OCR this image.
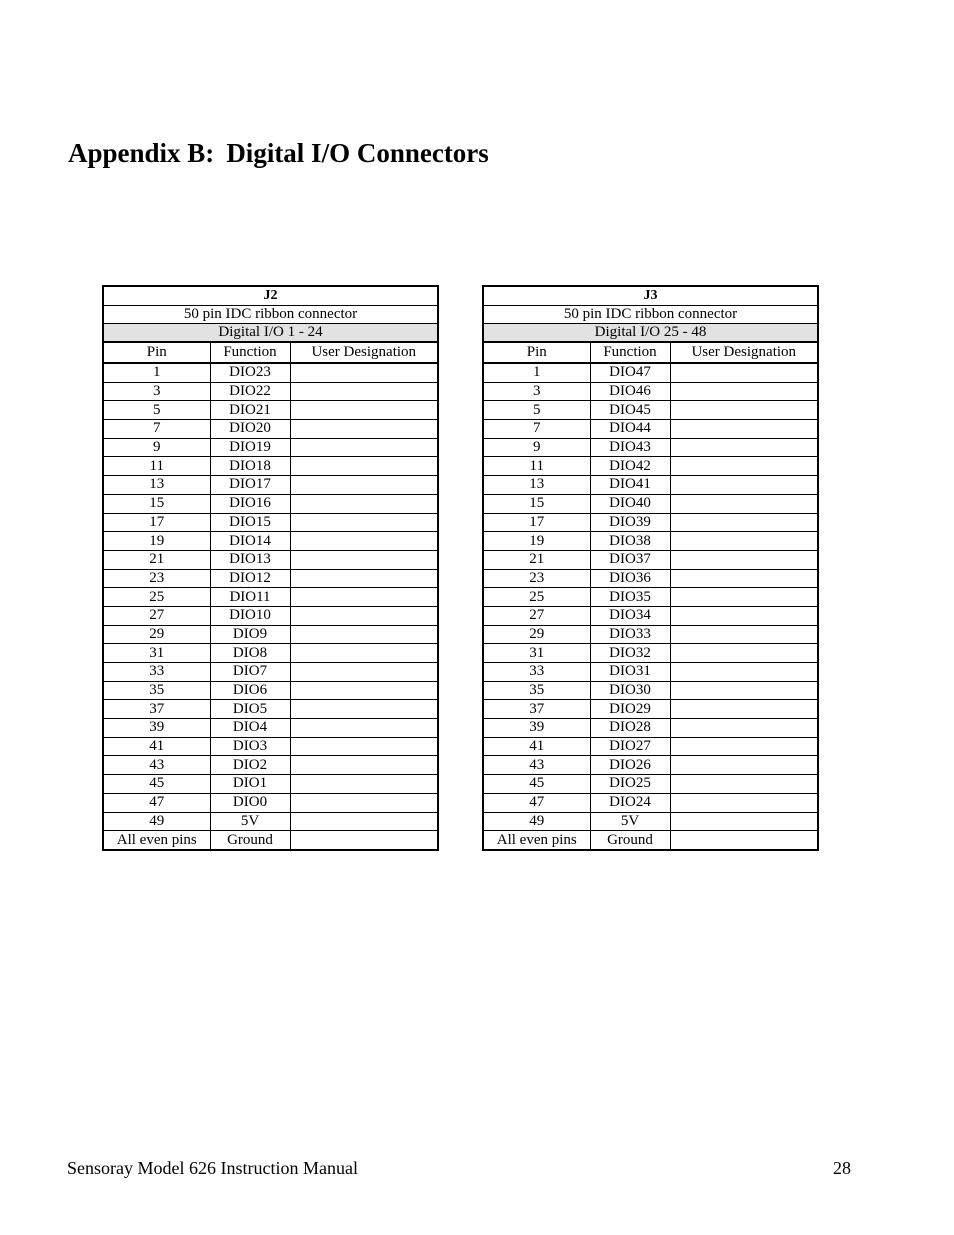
Appendix B: Digital I/O Connectors
J2		
50 pin IDC ribbon connector		
Digital I/O 1 - 24		
Pin	Function	User Designation
1	DIO23	
3	DIO22	
5	DIO21	
7	DIO20	
9	DIO19	
11	DIO18	
13	DIO17	
15	DIO16	
17	DIO15	
19	DIO14	
21	DIO13	
23	DIO12	
25	DIO11	
27	DIO10	
29	DIO9	
31	DIO8	
33	DIO7	
35	DIO6	
37	DIO5	
39	DIO4	
41	DIO3	
43	DIO2	
45	DIO1	
47	DIO0	
49	5V	
All even pins	Ground	
J3		
50 pin IDC ribbon connector		
Digital I/O 25 - 48		
Pin	Function	User Designation
1	DIO47	
3	DIO46	
5	DIO45	
7	DIO44	
9	DIO43	
11	DIO42	
13	DIO41	
15	DIO40	
17	DIO39	
19	DIO38	
21	DIO37	
23	DIO36	
25	DIO35	
27	DIO34	
29	DIO33	
31	DIO32	
33	DIO31	
35	DIO30	
37	DIO29	
39	DIO28	
41	DIO27	
43	DIO26	
45	DIO25	
47	DIO24	
49	5V	
All even pins	Ground	
Sensoray Model 626 Instruction Manual	28
